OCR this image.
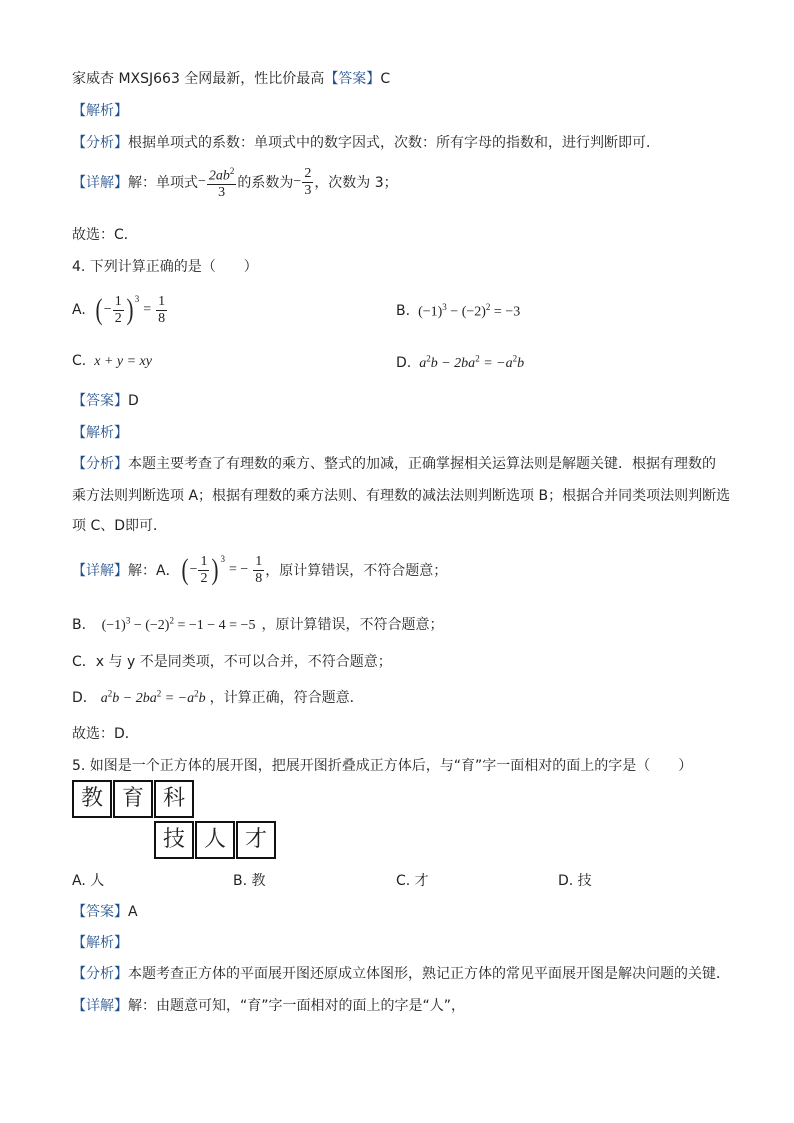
家威杏 MXSJ663 全网最新，性比价最高【答案】C
【解析】
【分析】根据单项式的系数：单项式中的数字因式，次数：所有字母的指数和，进行判断即可．
【详解】 解：单项式 − $\frac{2ab^2}{3}$ 的系数为 − $\frac{2}{3}$ ，次数为 3；
故选：C．
4. 下列计算正确的是（　　）
A. ( − $\frac{1}{2} )^3$
= $\frac{1}{8}$	B. $(-1)^3 - (-2)^2 = -3$
C. x + y = xy	D. $a^2b - 2ba^2 = -a^2b$
【答案】D
【解析】
【分析】本题主要考查了有理数的乘方、整式的加减，正确掌握相关运算法则是解题关键．根据有理数的
乘方法则判断选项 A；根据有理数的乘方法则、有理数的减法法则判断选项 B；根据合并同类项法则判断选
项 C、D即可．
【详解】 解：A． ( − $\frac{1}{2} )^3$
= − $\frac{1}{8}$ ，原计算错误，不符合题意；
B． $(-1)^3 - (-2)^2 = -1 - 4 = -5$ ，原计算错误，不符合题意；
C．x 与 y 不是同类项，不可以合并，不符合题意；
D． $a^2b - 2ba^2 = -a^2b$ ，计算正确，符合题意．
故选：D．
5. 如图是一个正方体的展开图，把展开图折叠成正方体后，与“育”字一面相对的面上的字是（　　）
教 育 科
技 人 才
A. 人	B. 教	C. 才	D. 技
【答案】A
【解析】
【分析】本题考查正方体的平面展开图还原成立体图形，熟记正方体的常见平面展开图是解决问题的关键．
【详解】解：由题意可知，“育”字一面相对的面上的字是“人”，
